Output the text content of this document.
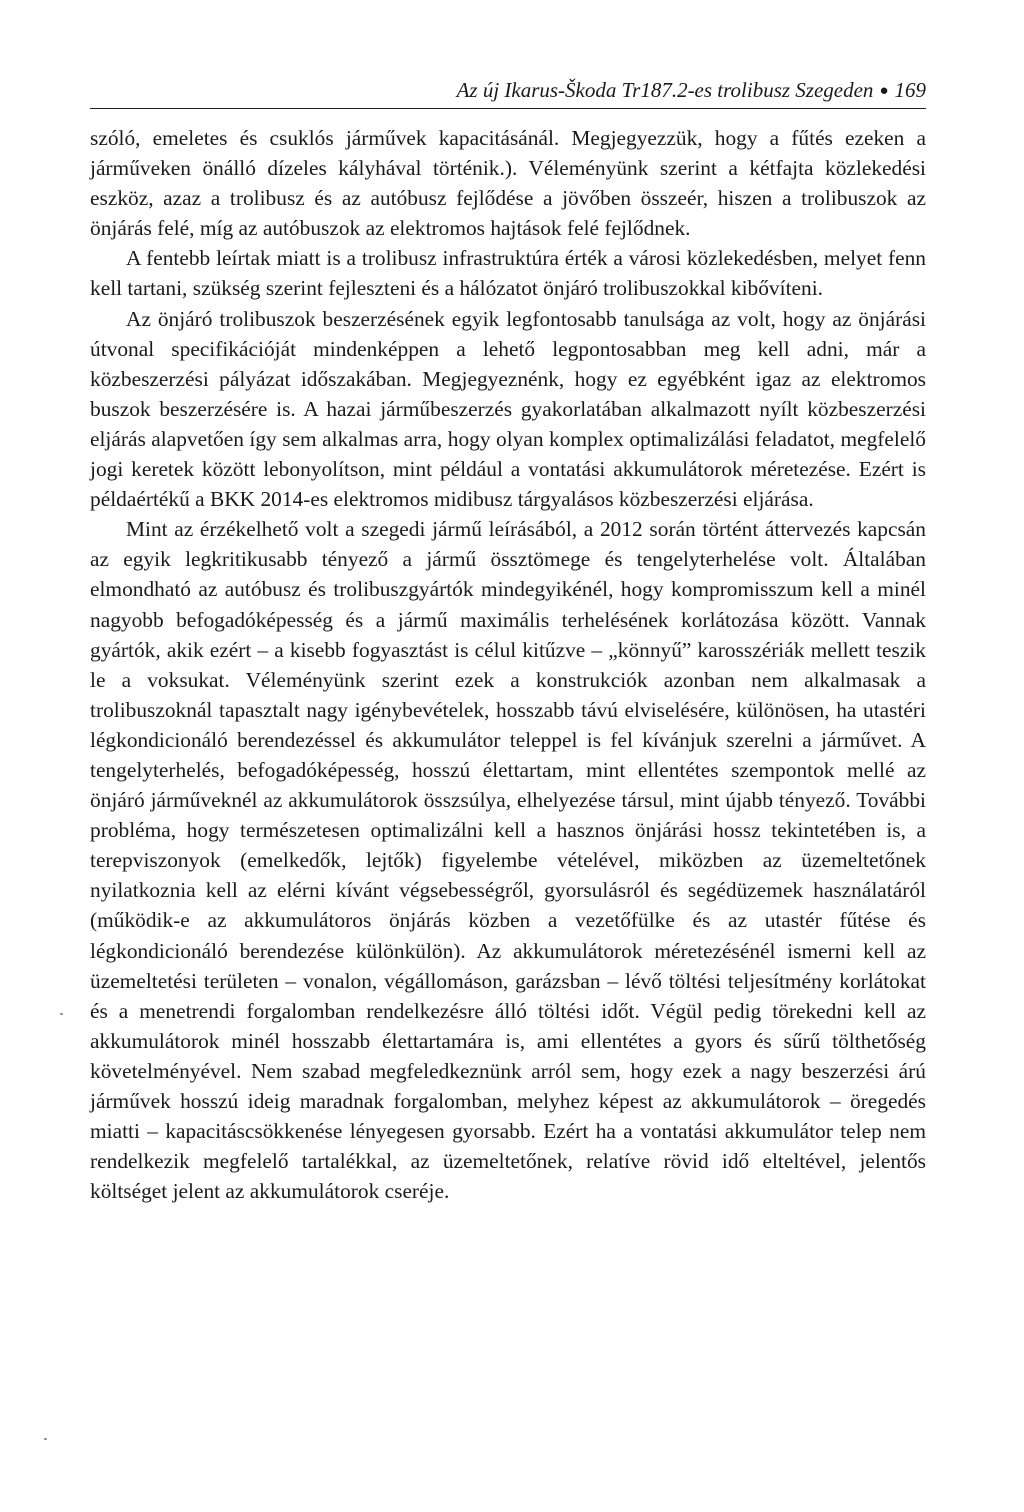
Az új Ikarus-Škoda Tr187.2-es trolibusz Szegeden ● 169

szóló, emeletes és csuklós járművek kapacitásánál. Megjegyezzük, hogy a fűtés ezeken a járműveken önálló dízeles kályhával történik.). Véleményünk szerint a kétfajta közlekedési eszköz, azaz a trolibusz és az autóbusz fejlődése a jövőben összeér, hiszen a trolibuszok az önjárás felé, míg az autóbuszok az elektromos hajtások felé fejlődnek.

A fentebb leírtak miatt is a trolibusz infrastruktúra érték a városi közlekedésben, melyet fenn kell tartani, szükség szerint fejleszteni és a hálózatot önjáró trolibuszokkal kibővíteni.

Az önjáró trolibuszok beszerzésének egyik legfontosabb tanulsága az volt, hogy az önjárási útvonal specifikációját mindenképpen a lehető legpontosabban meg kell adni, már a közbeszerzési pályázat időszakában. Megjegyeznénk, hogy ez egyébként igaz az elektromos buszok beszerzésére is. A hazai járműbeszerzés gyakorlatában alkalmazott nyílt közbeszerzési eljárás alapvetően így sem alkalmas arra, hogy olyan komplex optimalizálási feladatot, megfelelő jogi keretek között lebonyolítson, mint például a vontatási akkumulátorok méretezése. Ezért is példaértékű a BKK 2014-es elektromos midibusz tárgyalásos közbeszerzési eljárása.

Mint az érzékelhető volt a szegedi jármű leírásából, a 2012 során történt áttervezés kapcsán az egyik legkritikusabb tényező a jármű össztömege és tengelyterhelése volt. Általában elmondható az autóbusz és trolibuszgyártók mindegyikénél, hogy kompromisszum kell a minél nagyobb befogadóképesség és a jármű maximális terhelésének korlátozása között. Vannak gyártók, akik ezért – a kisebb fogyasztást is célul kitűzve – „könnyű” karosszériák mellett teszik le a voksukat. Véleményünk szerint ezek a konstrukciók azonban nem alkalmasak a trolibuszoknál tapasztalt nagy igénybevételek, hosszabb távú elviselésére, különösen, ha utastéri légkondicionáló berendezéssel és akkumulátor teleppel is fel kívánjuk szerelni a járművet. A tengelyterhelés, befogadóképesség, hosszú élettartam, mint ellentétes szempontok mellé az önjáró járműveknél az akkumulátorok összsúlya, elhelyezése társul, mint újabb tényező. További probléma, hogy természetesen optimalizálni kell a hasznos önjárási hossz tekintetében is, a terepviszonyok (emelkedők, lejtők) figyelembe vételével, miközben az üzemeltetőnek nyilatkoznia kell az elérni kívánt végsebességről, gyorsulásról és segédüzemek használatáról (működik-e az akkumulátoros önjárás közben a vezetőfülke és az utastér fűtése és légkondicionáló berendezése különkülön). Az akkumulátorok méretezésénél ismerni kell az üzemeltetési területen – vonalon, végállomáson, garázsban – lévő töltési teljesítmény korlátokat és a menetrendi forgalomban rendelkezésre álló töltési időt. Végül pedig törekedni kell az akkumulátorok minél hosszabb élettartamára is, ami ellentétes a gyors és sűrű tölthetőség követelményével. Nem szabad megfeledkeznünk arról sem, hogy ezek a nagy beszerzési árú járművek hosszú ideig maradnak forgalomban, melyhez képest az akkumulátorok – öregedés miatti – kapacitáscsökkenése lényegesen gyorsabb. Ezért ha a vontatási akkumulátor telep nem rendelkezik megfelelő tartalékkal, az üzemeltetőnek, relatíve rövid idő elteltével, jelentős költséget jelent az akkumulátorok cseréje.
